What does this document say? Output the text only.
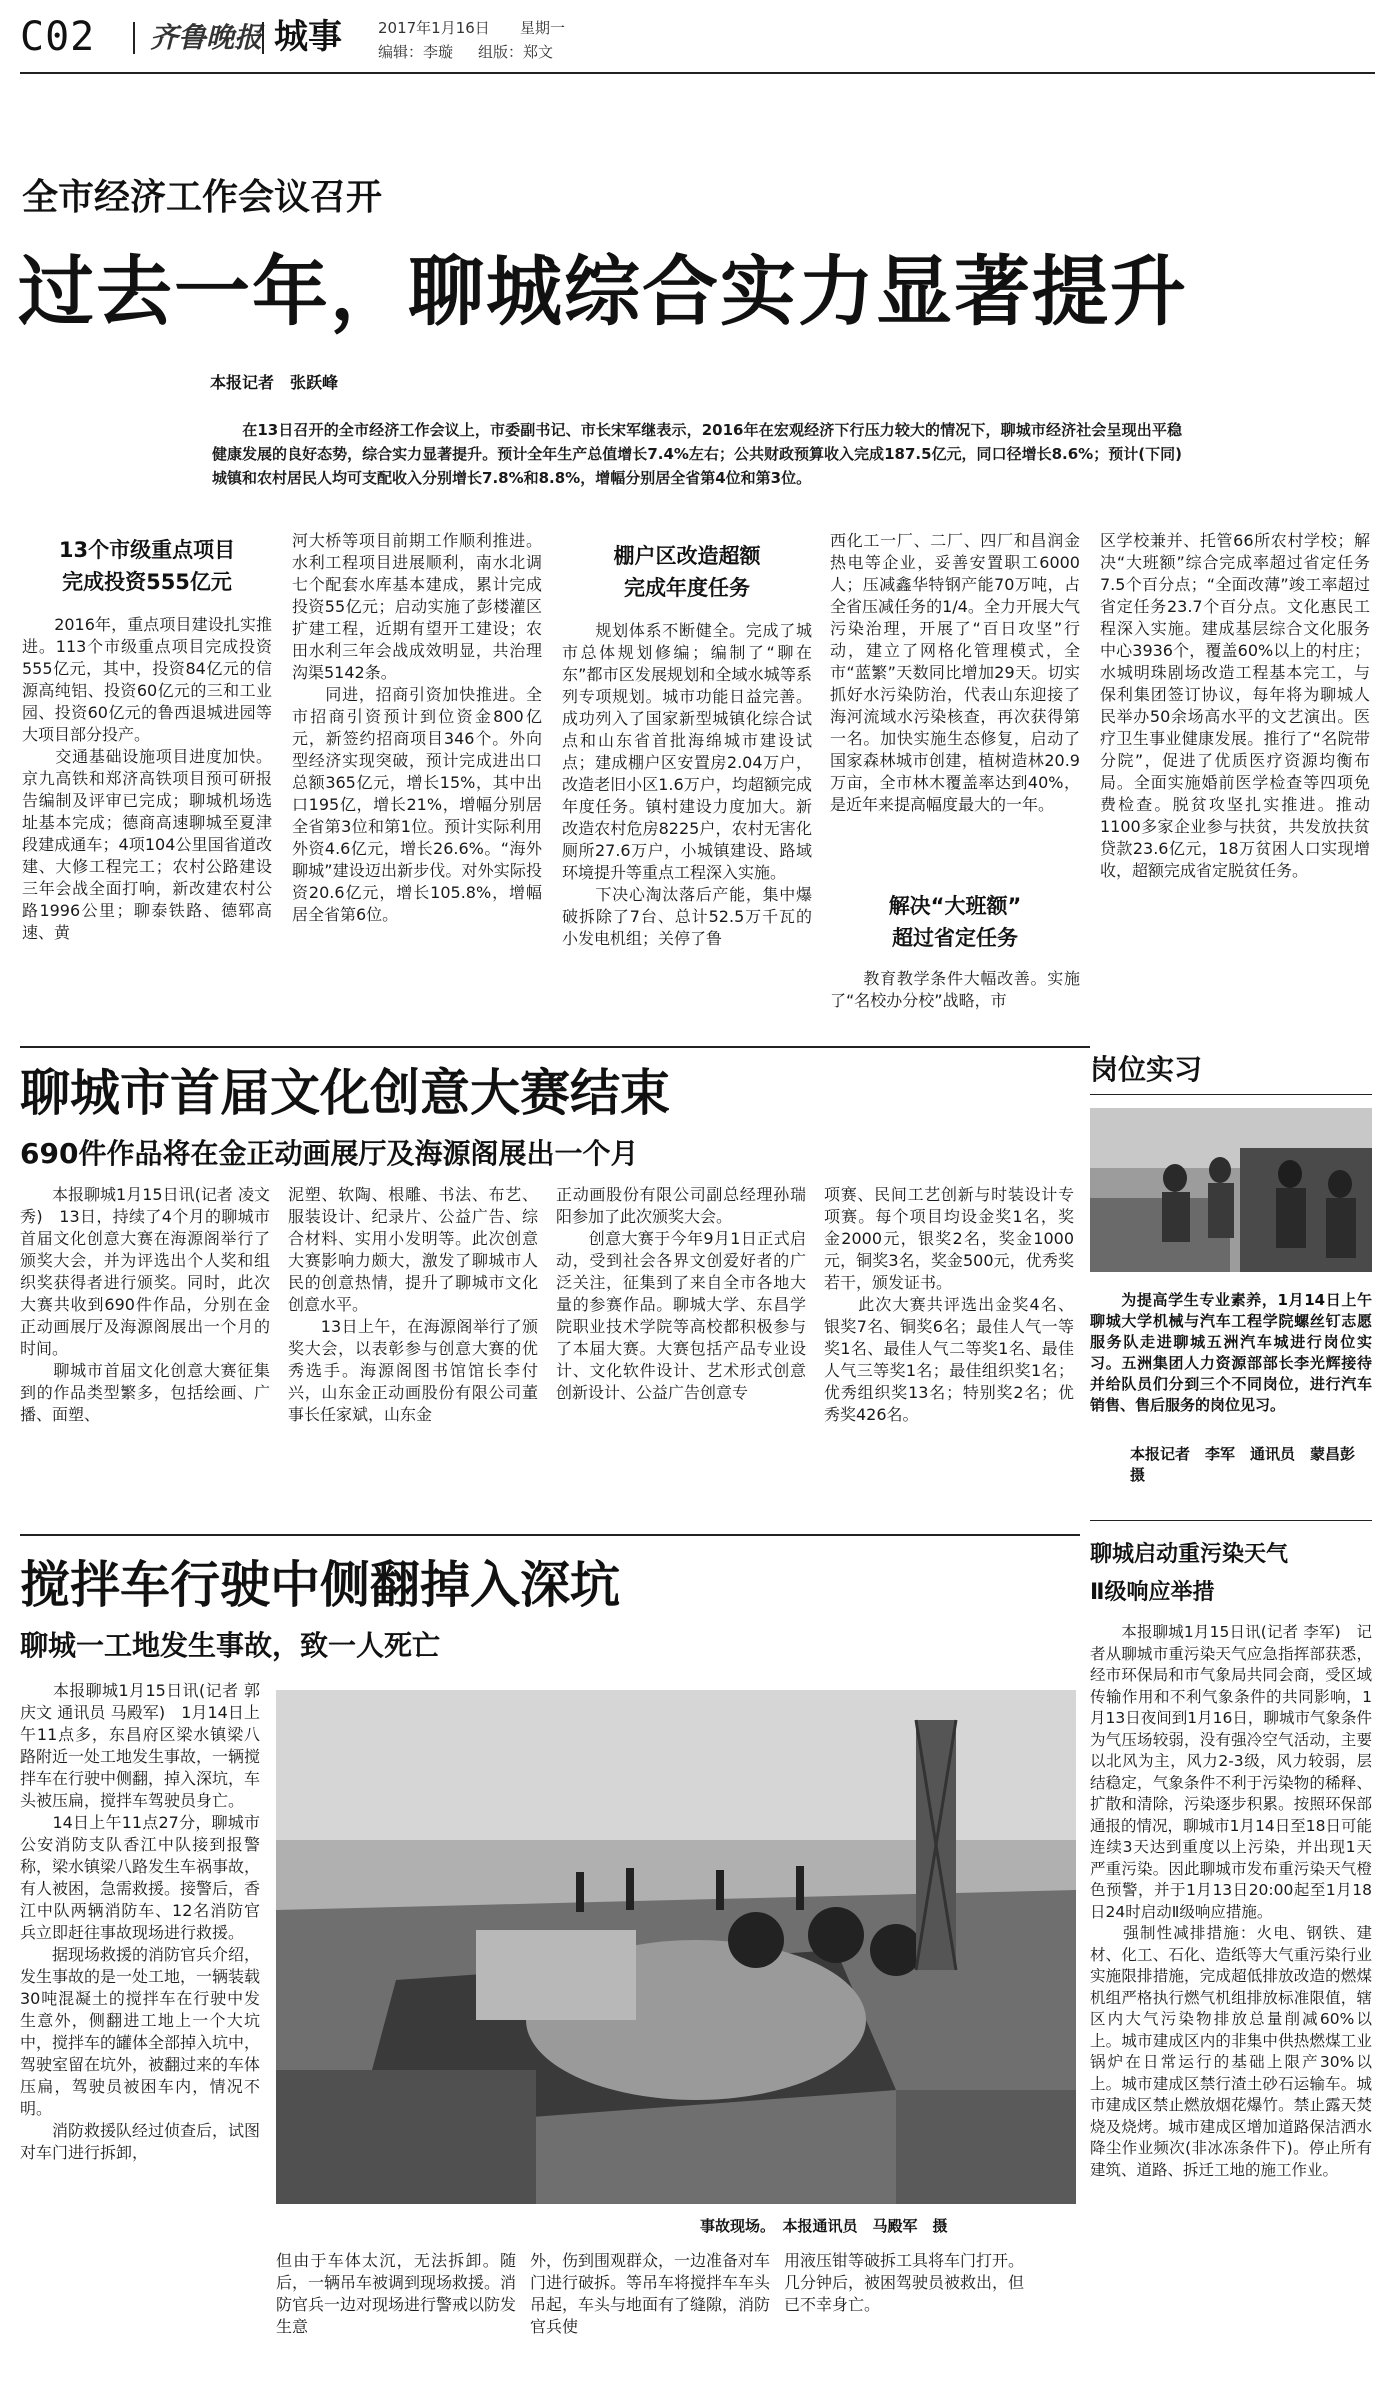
C02 齐鲁晚报 城事 2017年1月16日 星期一
编辑：李璇 组版：郑文
全市经济工作会议召开
过去一年，聊城综合实力显著提升
本报记者　张跃峰
　　在13日召开的全市经济工作会议上，市委副书记、市长宋军继表示，2016年在宏观经济下行压力较大的情况下，聊城市经济社会呈现出平稳健康发展的良好态势，综合实力显著提升。预计全年生产总值增长7.4%左右；公共财政预算收入完成187.5亿元，同口径增长8.6%；预计(下同)城镇和农村居民人均可支配收入分别增长7.8%和8.8%，增幅分别居全省第4位和第3位。
13个市级重点项目
完成投资555亿元
　　2016年，重点项目建设扎实推进。113个市级重点项目完成投资555亿元，其中，投资84亿元的信源高纯铝、投资60亿元的三和工业园、投资60亿元的鲁西退城进园等大项目部分投产。
　　交通基础设施项目进度加快。京九高铁和郑济高铁项目预可研报告编制及评审已完成；聊城机场选址基本完成；德商高速聊城至夏津段建成通车；4项104公里国省道改建、大修工程完工；农村公路建设三年会战全面打响，新改建农村公路1996公里；聊泰铁路、德郓高速、黄
河大桥等项目前期工作顺利推进。水利工程项目进展顺利，南水北调七个配套水库基本建成，累计完成投资55亿元；启动实施了彭楼灌区扩建工程，近期有望开工建设；农田水利三年会战成效明显，共治理沟渠5142条。
　　同进，招商引资加快推进。全市招商引资预计到位资金800亿元，新签约招商项目346个。外向型经济实现突破，预计完成进出口总额365亿元，增长15%，其中出口195亿，增长21%，增幅分别居全省第3位和第1位。预计实际利用外资4.6亿元，增长26.6%。“海外聊城”建设迈出新步伐。对外实际投资20.6亿元，增长105.8%，增幅居全省第6位。
棚户区改造超额
完成年度任务
　　规划体系不断健全。完成了城市总体规划修编；编制了“聊在东”都市区发展规划和全域水城等系列专项规划。城市功能日益完善。成功列入了国家新型城镇化综合试点和山东省首批海绵城市建设试点；建成棚户区安置房2.04万户，改造老旧小区1.6万户，均超额完成年度任务。镇村建设力度加大。新改造农村危房8225户，农村无害化厕所27.6万户，小城镇建设、路域环境提升等重点工程深入实施。
　　下决心淘汰落后产能，集中爆破拆除了7台、总计52.5万千瓦的小发电机组；关停了鲁
西化工一厂、二厂、四厂和昌润金热电等企业，妥善安置职工6000人；压减鑫华特钢产能70万吨，占全省压减任务的1/4。全力开展大气污染治理，开展了“百日攻坚”行动，建立了网格化管理模式，全市“蓝繁”天数同比增加29天。切实抓好水污染防治，代表山东迎接了海河流域水污染核查，再次获得第一名。加快实施生态修复，启动了国家森林城市创建，植树造林20.9万亩，全市林木覆盖率达到40%，是近年来提高幅度最大的一年。
解决“大班额”
超过省定任务
　　教育教学条件大幅改善。实施了“名校办分校”战略，市
区学校兼并、托管66所农村学校；解决“大班额”综合完成率超过省定任务7.5个百分点；“全面改薄”竣工率超过省定任务23.7个百分点。文化惠民工程深入实施。建成基层综合文化服务中心3936个，覆盖60%以上的村庄；水城明珠剧场改造工程基本完工，与保利集团签订协议，每年将为聊城人民举办50余场高水平的文艺演出。医疗卫生事业健康发展。推行了“名院带分院”，促进了优质医疗资源均衡布局。全面实施婚前医学检查等四项免费检查。脱贫攻坚扎实推进。推动1100多家企业参与扶贫，共发放扶贫贷款23.6亿元，18万贫困人口实现增收，超额完成省定脱贫任务。
聊城市首届文化创意大赛结束
690件作品将在金正动画展厅及海源阁展出一个月
　　本报聊城1月15日讯(记者 凌文秀)　13日，持续了4个月的聊城市首届文化创意大赛在海源阁举行了颁奖大会，并为评选出个人奖和组织奖获得者进行颁奖。同时，此次大赛共收到690件作品，分别在金正动画展厅及海源阁展出一个月的时间。
　　聊城市首届文化创意大赛征集到的作品类型繁多，包括绘画、广播、面塑、
泥塑、软陶、根雕、书法、布艺、服装设计、纪录片、公益广告、综合材料、实用小发明等。此次创意大赛影响力颇大，激发了聊城市人民的创意热情，提升了聊城市文化创意水平。
　　13日上午，在海源阁举行了颁奖大会，以表彰参与创意大赛的优秀选手。海源阁图书馆馆长李付兴，山东金正动画股份有限公司董事长任家斌，山东金
正动画股份有限公司副总经理孙瑞阳参加了此次颁奖大会。
　　创意大赛于今年9月1日正式启动，受到社会各界文创爱好者的广泛关注，征集到了来自全市各地大量的参赛作品。聊城大学、东昌学院职业技术学院等高校都积极参与了本届大赛。大赛包括产品专业设计、文化软件设计、艺术形式创意创新设计、公益广告创意专
项赛、民间工艺创新与时装设计专项赛。每个项目均设金奖1名，奖金2000元，银奖2名，奖金1000元，铜奖3名，奖金500元，优秀奖若干，颁发证书。
　　此次大赛共评选出金奖4名、银奖7名、铜奖6名；最佳人气一等奖1名、最佳人气二等奖1名、最佳人气三等奖1名；最佳组织奖1名；优秀组织奖13名；特别奖2名；优秀奖426名。
岗位实习
　　为提高学生专业素养，1月14日上午聊城大学机械与汽车工程学院螺丝钉志愿服务队走进聊城五洲汽车城进行岗位实习。五洲集团人力资源部部长李光辉接待并给队员们分到三个不同岗位，进行汽车销售、售后服务的岗位见习。
本报记者　李军　通讯员　蒙昌彭　摄
搅拌车行驶中侧翻掉入深坑
聊城一工地发生事故，致一人死亡
　　本报聊城1月15日讯(记者 郭庆文 通讯员 马殿军)　1月14日上午11点多，东昌府区梁水镇梁八路附近一处工地发生事故，一辆搅拌车在行驶中侧翻，掉入深坑，车头被压扁，搅拌车驾驶员身亡。
　　14日上午11点27分，聊城市公安消防支队香江中队接到报警称，梁水镇梁八路发生车祸事故，有人被困，急需救援。接警后，香江中队两辆消防车、12名消防官兵立即赶往事故现场进行救援。
　　据现场救援的消防官兵介绍，发生事故的是一处工地，一辆装载30吨混凝土的搅拌车在行驶中发生意外，侧翻进工地上一个大坑中，搅拌车的罐体全部掉入坑中，驾驶室留在坑外，被翻过来的车体压扁，驾驶员被困车内，情况不明。
　　消防救援队经过侦查后，试图对车门进行拆卸，
事故现场。　本报通讯员　马殿军　摄
但由于车体太沉，无法拆卸。随后，一辆吊车被调到现场救援。消防官兵一边对现场进行警戒以防发生意
外，伤到围观群众，一边准备对车门进行破拆。等吊车将搅拌车车头吊起，车头与地面有了缝隙，消防官兵使
用液压钳等破拆工具将车门打开。几分钟后，被困驾驶员被救出，但已不幸身亡。
聊城启动重污染天气
Ⅱ级响应举措
　　本报聊城1月15日讯(记者 李军)　记者从聊城市重污染天气应急指挥部获悉，经市环保局和市气象局共同会商，受区域传输作用和不利气象条件的共同影响，1月13日夜间到1月16日，聊城市气象条件为气压场较弱，没有强冷空气活动，主要以北风为主，风力2-3级，风力较弱，层结稳定，气象条件不利于污染物的稀释、扩散和清除，污染逐步积累。按照环保部通报的情况，聊城市1月14日至18日可能连续3天达到重度以上污染，并出现1天严重污染。因此聊城市发布重污染天气橙色预警，并于1月13日20:00起至1月18日24时启动Ⅱ级响应措施。
　　强制性减排措施：火电、钢铁、建材、化工、石化、造纸等大气重污染行业实施限排措施，完成超低排放改造的燃煤机组严格执行燃气机组排放标准限值，辖区内大气污染物排放总量削减60%以上。城市建成区内的非集中供热燃煤工业锅炉在日常运行的基础上限产30%以上。城市建成区禁行渣土砂石运输车。城市建成区禁止燃放烟花爆竹。禁止露天焚烧及烧烤。城市建成区增加道路保洁洒水降尘作业频次(非冰冻条件下)。停止所有建筑、道路、拆迁工地的施工作业。
